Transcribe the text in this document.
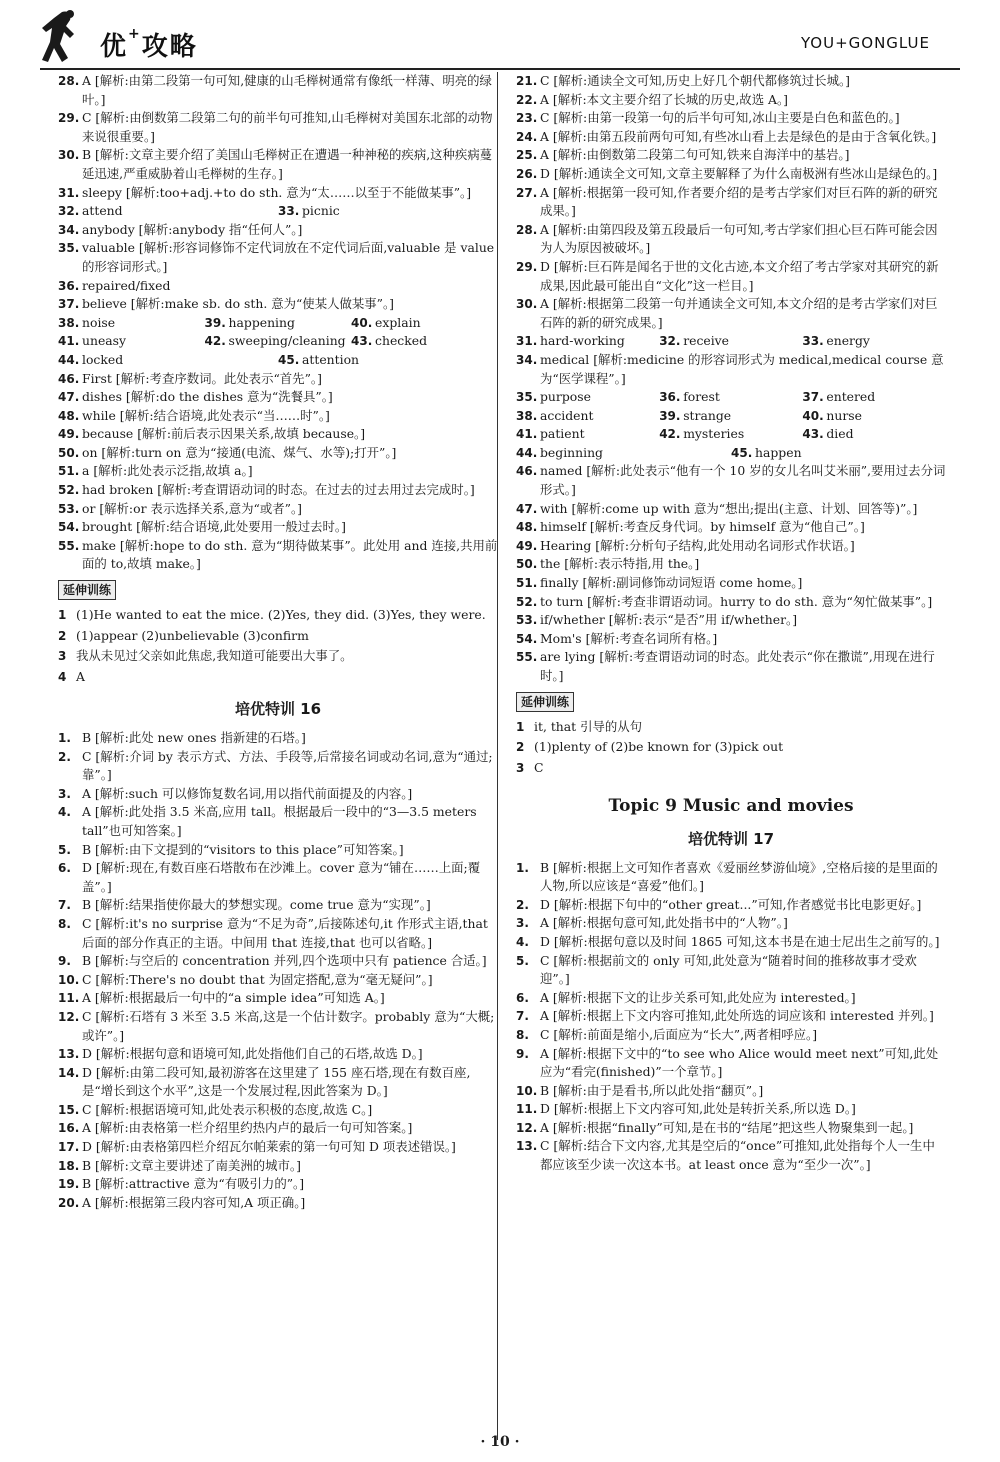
优+攻略	YOU+GONGLUE
28. A [解析:由第二段第一句可知,健康的山毛榉树通常有像纸一样薄、明亮的绿叶。]
29. C [解析:由倒数第二段第二句的前半句可推知,山毛榉树对美国东北部的动物来说很重要。]
30. B [解析:文章主要介绍了美国山毛榉树正在遭遇一种神秘的疾病,这种疾病蔓延迅速,严重威胁着山毛榉树的生存。]
31. sleepy [解析:too+adj.+to do sth. 意为“太……以至于不能做某事”。]
32. attend	33. picnic
34. anybody [解析:anybody 指“任何人”。]
35. valuable [解析:形容词修饰不定代词放在不定代词后面,valuable 是 value 的形容词形式。]
36. repaired/fixed
37. believe [解析:make sb. do sth. 意为“使某人做某事”。]
38. noise	39. happening	40. explain
41. uneasy	42. sweeping/cleaning 43. checked
44. locked	45. attention
46. First [解析:考查序数词。此处表示“首先”。]
47. dishes [解析:do the dishes 意为“洗餐具”。]
48. while [解析:结合语境,此处表示“当……时”。]
49. because [解析:前后表示因果关系,故填 because。]
50. on [解析:turn on 意为“接通(电流、煤气、水等);打开”。]
51. a [解析:此处表示泛指,故填 a。]
52. had broken [解析:考查谓语动词的时态。在过去的过去用过去完成时。]
53. or [解析:or 表示选择关系,意为“或者”。]
54. brought [解析:结合语境,此处要用一般过去时。]
55. make [解析:hope to do sth. 意为“期待做某事”。此处用 and 连接,共用前面的 to,故填 make。]
延伸训练
1 (1)He wanted to eat the mice. (2)Yes, they did. (3)Yes, they were.
2 (1)appear (2)unbelievable (3)confirm
3 我从未见过父亲如此焦虑,我知道可能要出大事了。
4 A
培优特训 16
1. B [解析:此处 new ones 指新建的石塔。]
2. C [解析:介词 by 表示方式、方法、手段等,后常接名词或动名词,意为“通过;靠”。]
3. A [解析:such 可以修饰复数名词,用以指代前面提及的内容。]
4. A [解析:此处指 3.5 米高,应用 tall。根据最后一段中的“3—3.5 meters tall”也可知答案。]
5. B [解析:由下文提到的“visitors to this place”可知答案。]
6. D [解析:现在,有数百座石塔散布在沙滩上。cover 意为“铺在……上面;覆盖”。]
7. B [解析:结果指使你最大的梦想实现。come true 意为“实现”。]
8. C [解析:it's no surprise 意为“不足为奇”,后接陈述句,it 作形式主语,that 后面的部分作真正的主语。中间用 that 连接,that 也可以省略。]
9. B [解析:与空后的 concentration 并列,四个选项中只有 patience 合适。]
10. C [解析:There's no doubt that 为固定搭配,意为“毫无疑问”。]
11. A [解析:根据最后一句中的“a simple idea”可知选 A。]
12. C [解析:石塔有 3 米至 3.5 米高,这是一个估计数字。probably 意为“大概;或许”。]
13. D [解析:根据句意和语境可知,此处指他们自己的石塔,故选 D。]
14. D [解析:由第二段可知,最初游客在这里建了 155 座石塔,现在有数百座,是“增长到这个水平”,这是一个发展过程,因此答案为 D。]
15. C [解析:根据语境可知,此处表示积极的态度,故选 C。]
16. A [解析:由表格第一栏介绍里约热内卢的最后一句可知答案。]
17. D [解析:由表格第四栏介绍瓦尔帕莱索的第一句可知 D 项表述错误。]
18. B [解析:文章主要讲述了南美洲的城市。]
19. B [解析:attractive 意为“有吸引力的”。]
20. A [解析:根据第三段内容可知,A 项正确。]
21. C [解析:通读全文可知,历史上好几个朝代都修筑过长城。]
22. A [解析:本文主要介绍了长城的历史,故选 A。]
23. C [解析:由第一段第一句的后半句可知,冰山主要是白色和蓝色的。]
24. A [解析:由第五段前两句可知,有些冰山看上去是绿色的是由于含氧化铁。]
25. A [解析:由倒数第二段第二句可知,铁来自海洋中的基岩。]
26. D [解析:通读全文可知,文章主要解释了为什么南极洲有些冰山是绿色的。]
27. A [解析:根据第一段可知,作者要介绍的是考古学家们对巨石阵的新的研究成果。]
28. A [解析:由第四段及第五段最后一句可知,考古学家们担心巨石阵可能会因为人为原因被破坏。]
29. D [解析:巨石阵是闻名于世的文化古迹,本文介绍了考古学家对其研究的新成果,因此最可能出自“文化”这一栏目。]
30. A [解析:根据第二段第一句并通读全文可知,本文介绍的是考古学家们对巨石阵的新的研究成果。]
31. hard-working	32. receive	33. energy
34. medical [解析:medicine 的形容词形式为 medical,medical course 意为“医学课程”。]
35. purpose	36. forest	37. entered
38. accident	39. strange	40. nurse
41. patient	42. mysteries	43. died
44. beginning	45. happen
46. named [解析:此处表示“他有一个 10 岁的女儿名叫艾米丽”,要用过去分词形式。]
47. with [解析:come up with 意为“想出;提出(主意、计划、回答等)”。]
48. himself [解析:考查反身代词。by himself 意为“他自己”。]
49. Hearing [解析:分析句子结构,此处用动名词形式作状语。]
50. the [解析:表示特指,用 the。]
51. finally [解析:副词修饰动词短语 come home。]
52. to turn [解析:考查非谓语动词。hurry to do sth. 意为“匆忙做某事”。]
53. if/whether [解析:表示“是否”用 if/whether。]
54. Mom's [解析:考查名词所有格。]
55. are lying [解析:考查谓语动词的时态。此处表示“你在撒谎”,用现在进行时。]
延伸训练
1 it, that 引导的从句
2 (1)plenty of (2)be known for (3)pick out
3 C
Topic 9 Music and movies
培优特训 17
1. B [解析:根据上文可知作者喜欢《爱丽丝梦游仙境》,空格后接的是里面的人物,所以应该是“喜爱”他们。]
2. D [解析:根据下句中的“other great...”可知,作者感觉书比电影更好。]
3. A [解析:根据句意可知,此处指书中的“人物”。]
4. D [解析:根据句意以及时间 1865 可知,这本书是在迪士尼出生之前写的。]
5. C [解析:根据前文的 only 可知,此处意为“随着时间的推移故事才受欢迎”。]
6. A [解析:根据下文的让步关系可知,此处应为 interested。]
7. A [解析:根据上下文内容可推知,此处所选的词应该和 interested 并列。]
8. C [解析:前面是缩小,后面应为“长大”,两者相呼应。]
9. A [解析:根据下文中的“to see who Alice would meet next”可知,此处应为“看完(finished)”一个章节。]
10. B [解析:由于是看书,所以此处指“翻页”。]
11. D [解析:根据上下文内容可知,此处是转折关系,所以选 D。]
12. A [解析:根据“finally”可知,是在书的“结尾”把这些人物聚集到一起。]
13. C [解析:结合下文内容,尤其是空后的“once”可推知,此处指每个人一生中都应该至少读一次这本书。at least once 意为“至少一次”。]
· 10 ·
